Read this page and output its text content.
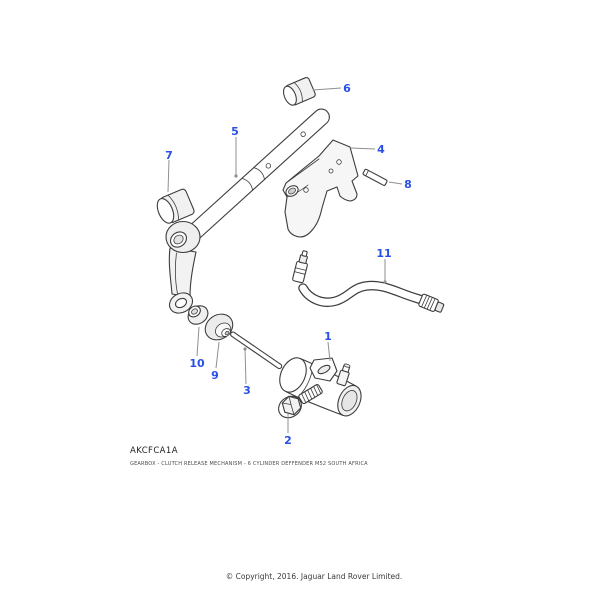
1
2
3
4
5
6
7
8
9
10
11
AKCFCA1A
GEARBOX - CLUTCH RELEASE MECHANISM - 6 CYLINDER DEFFENDER M52 SOUTH AFRICA
© Copyright, 2016. Jaguar Land Rover Limited.
